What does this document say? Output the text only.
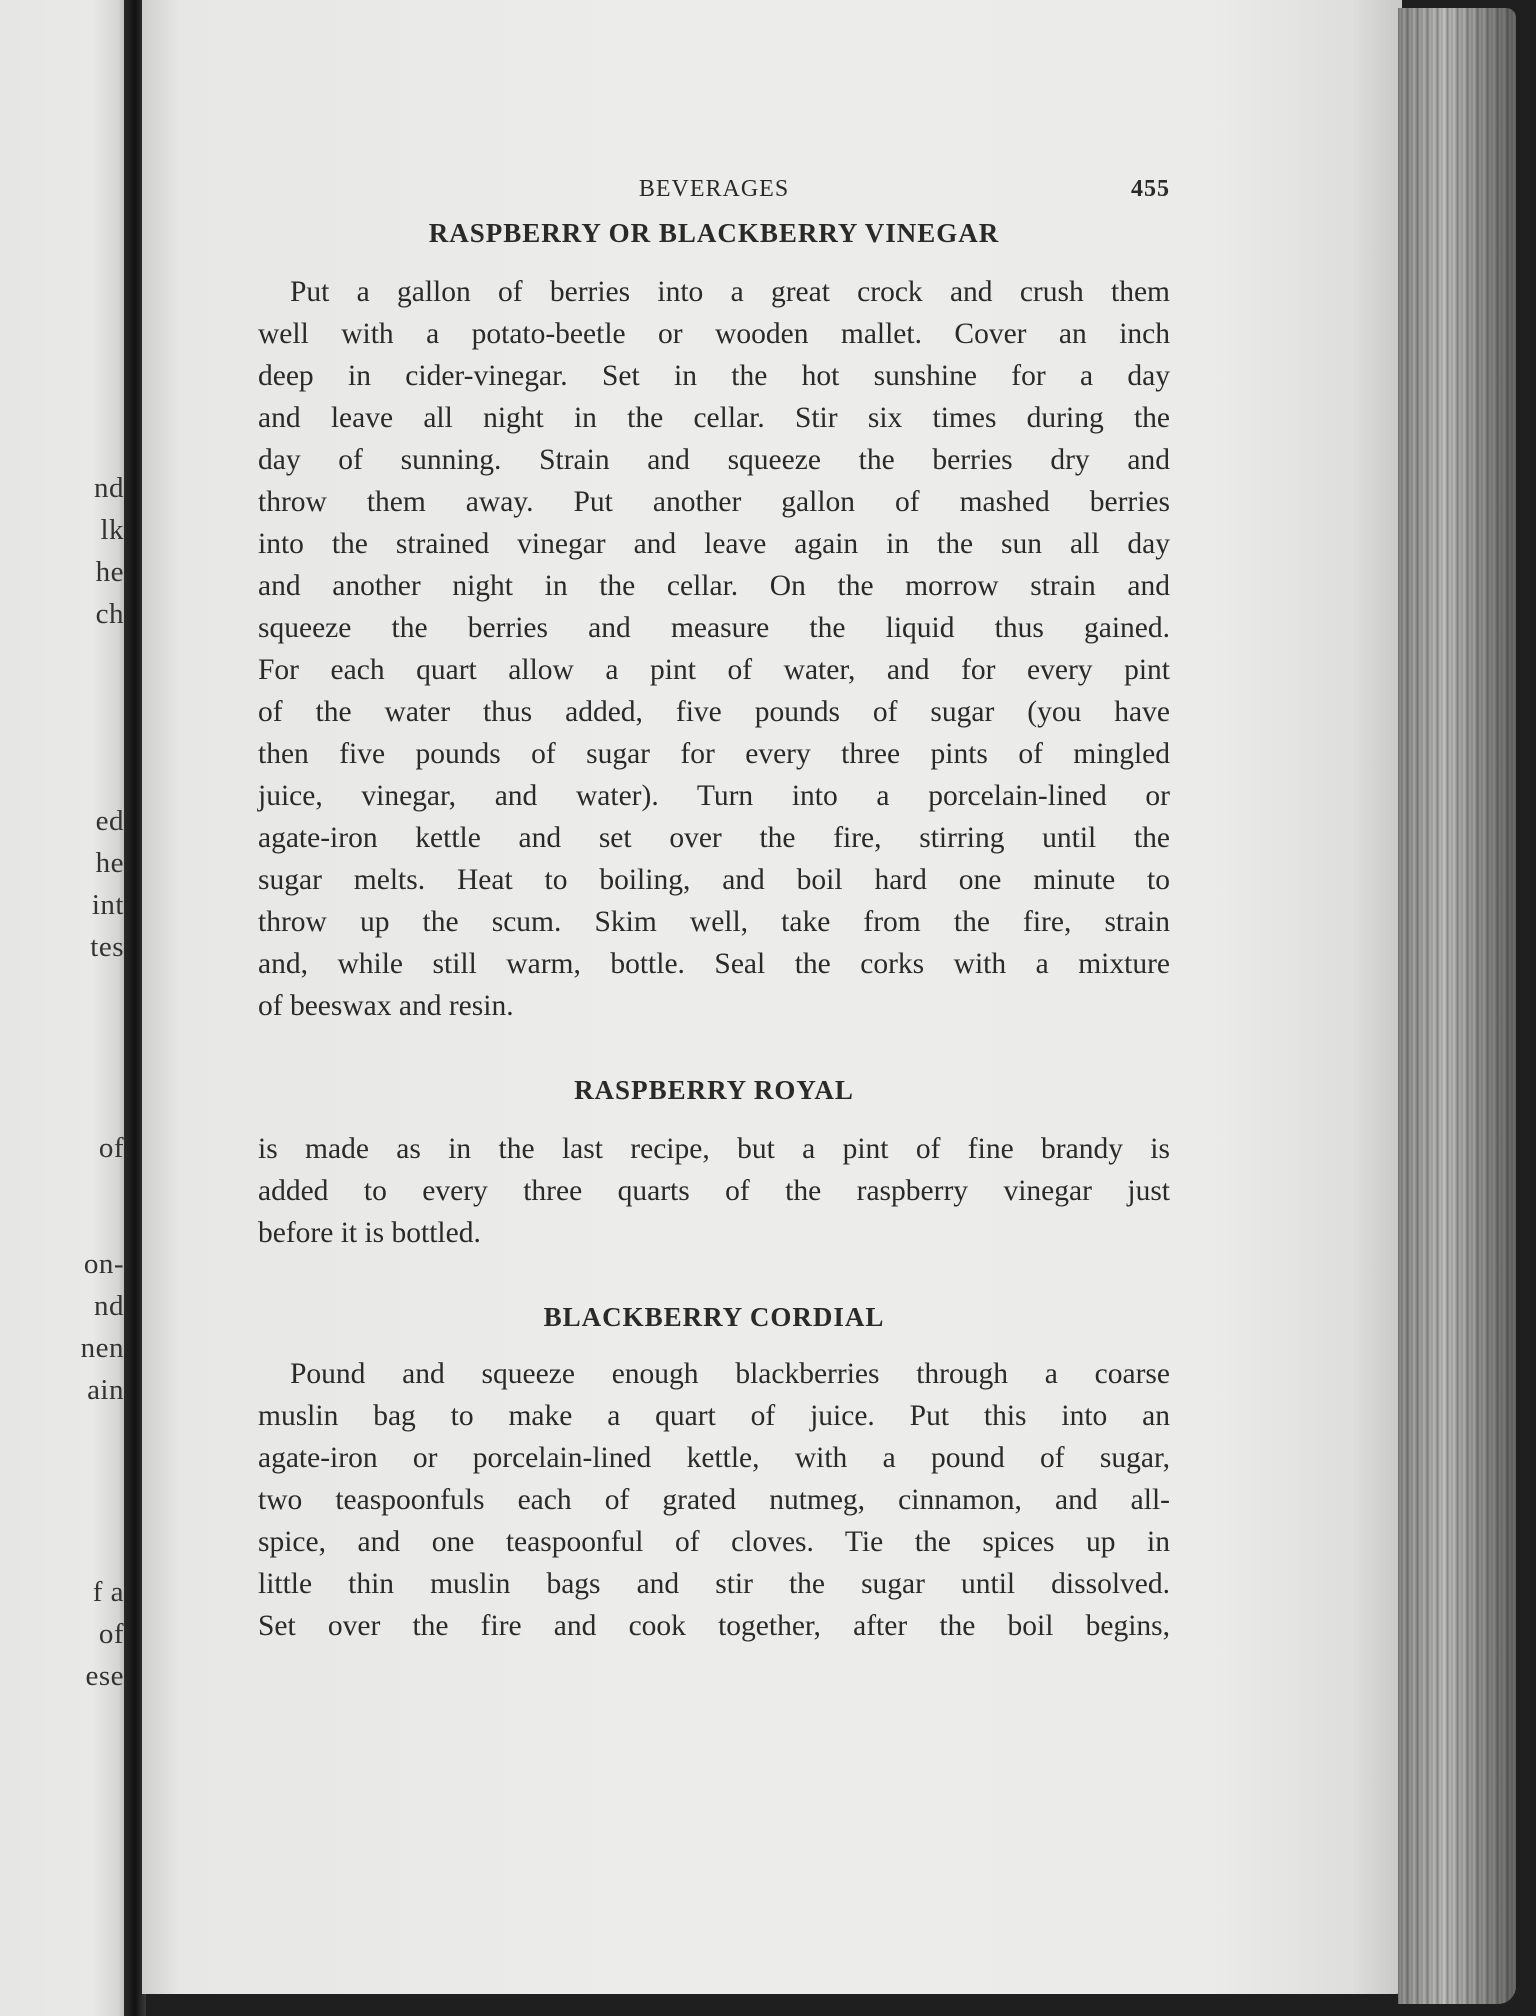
nd
lk
he
ch
ed
he
int
tes
of
on-
nd
nen
ain
f a
of
ese
BEVERAGES	455
RASPBERRY OR BLACKBERRY VINEGAR

Put a gallon of berries into a great crock and crush them
well with a potato-beetle or wooden mallet. Cover an inch
deep in cider-vinegar. Set in the hot sunshine for a day
and leave all night in the cellar. Stir six times during the
day of sunning. Strain and squeeze the berries dry and
throw them away. Put another gallon of mashed berries
into the strained vinegar and leave again in the sun all day
and another night in the cellar. On the morrow strain and
squeeze the berries and measure the liquid thus gained.
For each quart allow a pint of water, and for every pint
of the water thus added, five pounds of sugar (you have
then five pounds of sugar for every three pints of mingled
juice, vinegar, and water). Turn into a porcelain-lined or
agate-iron kettle and set over the fire, stirring until the
sugar melts. Heat to boiling, and boil hard one minute to
throw up the scum. Skim well, take from the fire, strain
and, while still warm, bottle. Seal the corks with a mixture
of beeswax and resin.

RASPBERRY ROYAL

is made as in the last recipe, but a pint of fine brandy is
added to every three quarts of the raspberry vinegar just
before it is bottled.

BLACKBERRY CORDIAL

Pound and squeeze enough blackberries through a coarse
muslin bag to make a quart of juice. Put this into an
agate-iron or porcelain-lined kettle, with a pound of sugar,
two teaspoonfuls each of grated nutmeg, cinnamon, and all-
spice, and one teaspoonful of cloves. Tie the spices up in
little thin muslin bags and stir the sugar until dissolved.
Set over the fire and cook together, after the boil begins,
